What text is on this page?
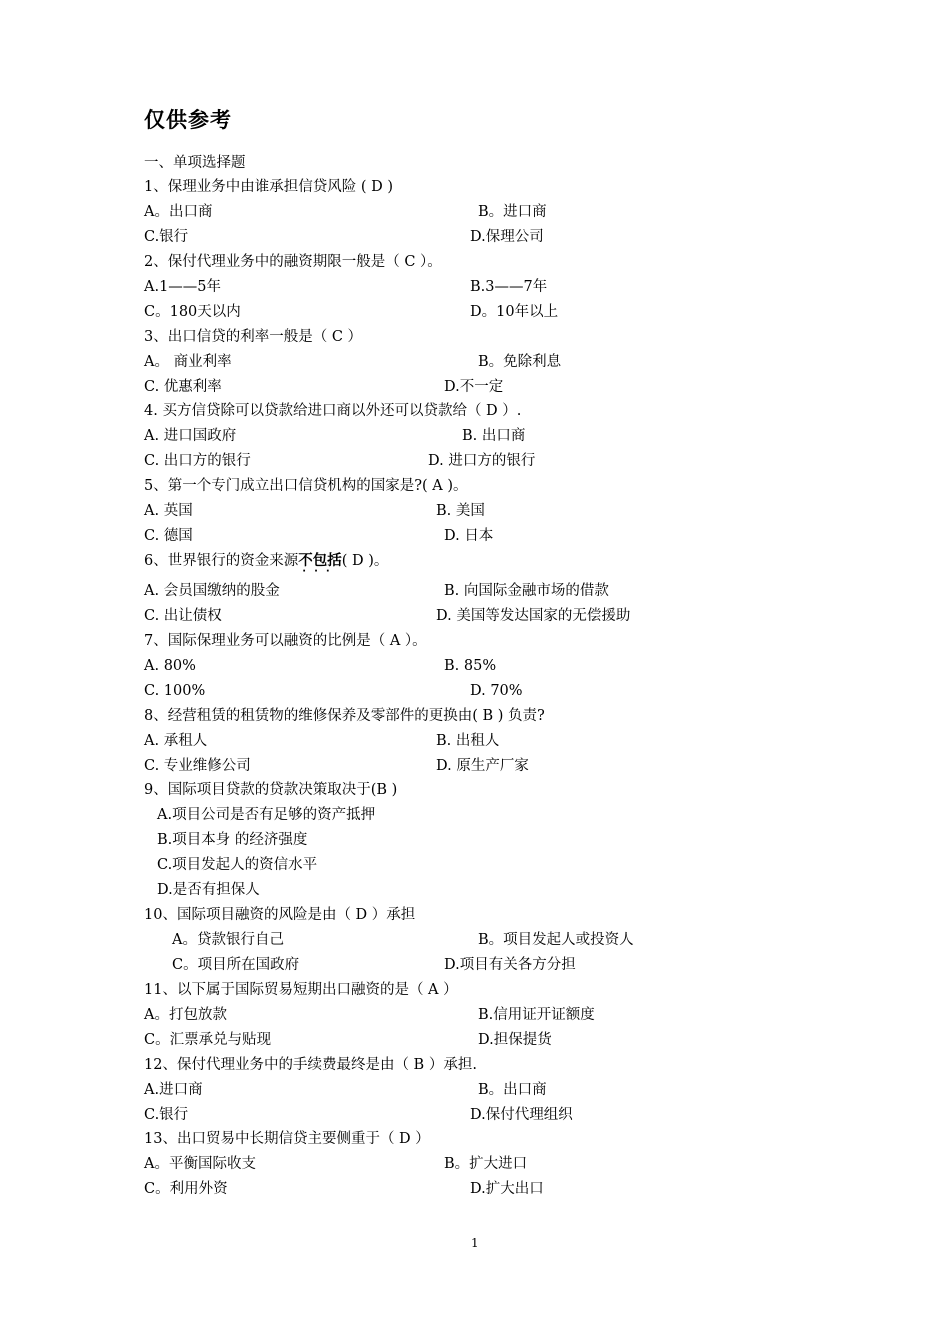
仅供参考
一、单项选择题
1、保理业务中由谁承担信贷风险 ( D )
A。出口商	B。进口商
C.银行	D.保理公司
2、保付代理业务中的融资期限一般是（ C ）。
A.1——5年	B.3——7年
C。180天以内	D。10年以上
3、出口信贷的利率一般是（ C ）
A。 商业利率	B。免除利息
C. 优惠利率	D.不一定
4. 买方信贷除可以贷款给进口商以外还可以贷款给（ D ）.
A. 进口国政府	B. 出口商
C. 出口方的银行	D. 进口方的银行
5、第一个专门成立出口信贷机构的国家是?( A )。
A. 英国	B. 美国
C. 德国	D. 日本
6、世界银行的资金来源不包括
···
( D )。
A. 会员国缴纳的股金	B. 向国际金融市场的借款
C. 出让债权	D. 美国等发达国家的无偿援助
7、国际保理业务可以融资的比例是（ A ）。
A. 80%	B. 85%
C. 100%	D. 70%
8、经营租赁的租赁物的维修保养及零部件的更换由( B ) 负责?
A. 承租人	B. 出租人
C. 专业维修公司	D. 原生产厂家
9、国际项目贷款的贷款决策取决于(B )
A.项目公司是否有足够的资产抵押
B.项目本身 的经济强度
C.项目发起人的资信水平
D.是否有担保人
10、国际项目融资的风险是由（ D ）承担
A。贷款银行自己	B。项目发起人或投资人
C。项目所在国政府	D.项目有关各方分担
11、以下属于国际贸易短期出口融资的是（ A ）
A。打包放款	B.信用证开证额度
C。汇票承兑与贴现	D.担保提货
12、保付代理业务中的手续费最终是由（ B ）承担.
A.进口商	B。出口商
C.银行	D.保付代理组织
13、出口贸易中长期信贷主要侧重于（ D ）
A。平衡国际收支	B。扩大进口
C。利用外资	D.扩大出口
1
